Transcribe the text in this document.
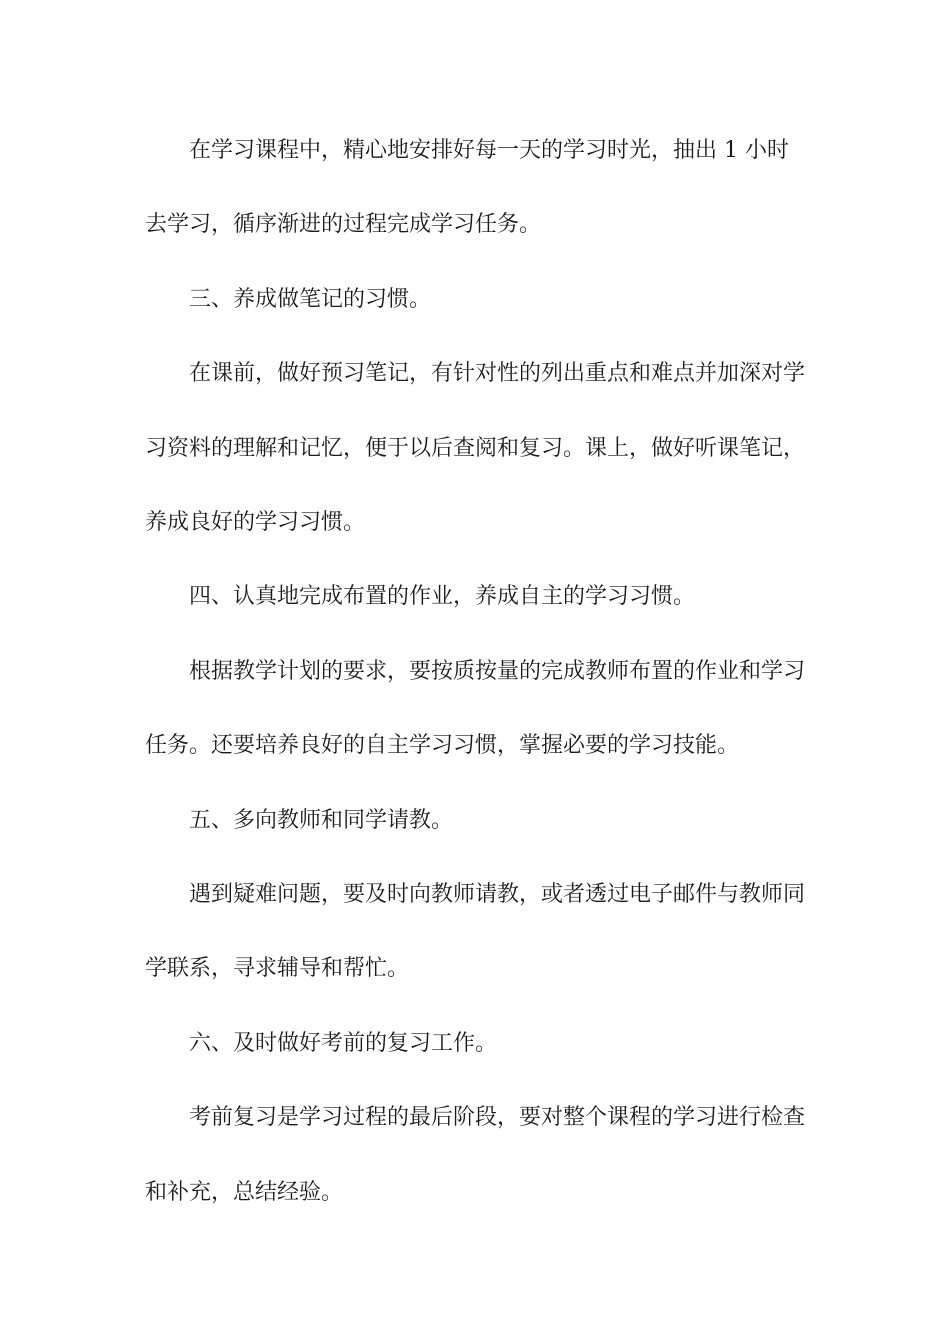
在学习课程中，精心地安排好每一天的学习时光，抽出 1 小时去学习，循序渐进的过程完成学习任务。

三、养成做笔记的习惯。

在课前，做好预习笔记，有针对性的列出重点和难点并加深对学习资料的理解和记忆，便于以后查阅和复习。课上，做好听课笔记，养成良好的学习习惯。

四、认真地完成布置的作业，养成自主的学习习惯。

根据教学计划的要求，要按质按量的完成教师布置的作业和学习任务。还要培养良好的自主学习习惯，掌握必要的学习技能。

五、多向教师和同学请教。

遇到疑难问题，要及时向教师请教，或者透过电子邮件与教师同学联系，寻求辅导和帮忙。

六、及时做好考前的复习工作。

考前复习是学习过程的最后阶段，要对整个课程的学习进行检查和补充，总结经验。
